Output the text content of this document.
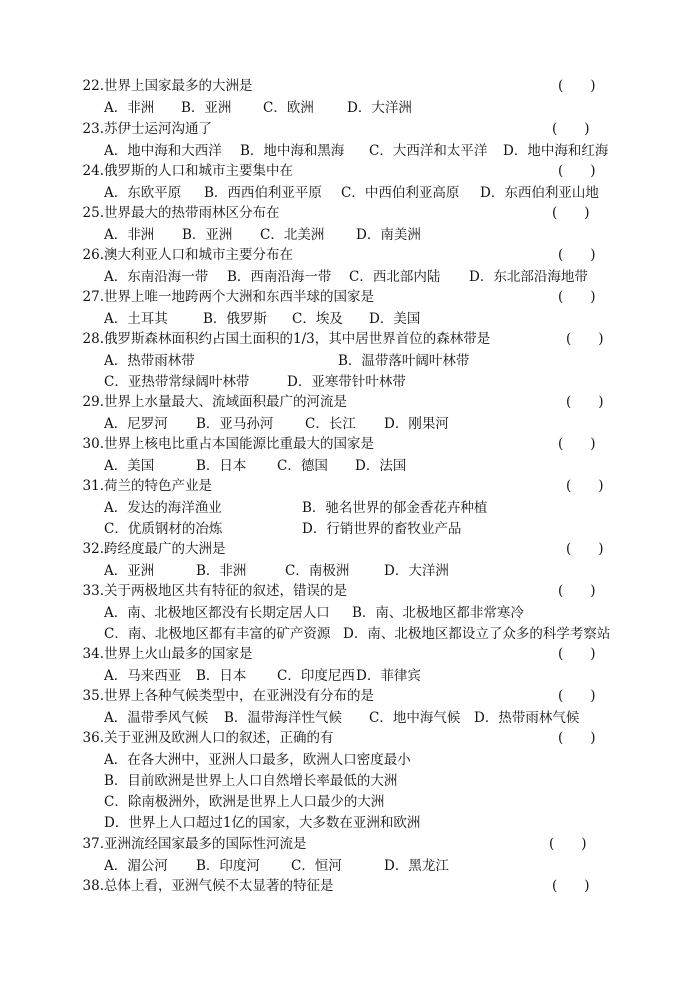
22. 世界上国家最多的大洲是	(　　)
A．非洲 B．亚洲 C．欧洲 D．大洋洲
23. 苏伊士运河沟通了	(　　)
A．地中海和大西洋 B．地中海和黑海 C．大西洋和太平洋 D．地中海和红海
24. 俄罗斯的人口和城市主要集中在	(　　)
A．东欧平原 B．西西伯利亚平原 C．中西伯利亚高原 D．东西伯利亚山地
25. 世界最大的热带雨林区分布在	(　　)
A．非洲 B．亚洲 C．北美洲 D．南美洲
26. 澳大利亚人口和城市主要分布在	(　　)
A．东南沿海一带 B．西南沿海一带 C．西北部内陆 D．东北部沿海地带
27. 世界上唯一地跨两个大洲和东西半球的国家是	(　　)
A．土耳其	B．俄罗斯 C．埃及 D．美国
28. 俄罗斯森林面积约占国土面积的1/3，其中居世界首位的森林带是	(　　)
A．热带雨林带	B．温带落叶阔叶林带
C．亚热带常绿阔叶林带	D．亚寒带针叶林带
29. 世界上水量最大、流域面积最广的河流是	(　　)
A．尼罗河 B．亚马孙河 C．长江 D．刚果河
30. 世界上核电比重占本国能源比重最大的国家是	(　　)
A．美国	B．日本 C．德国 D．法国
31. 荷兰的特色产业是	(　　)
A．发达的海洋渔业	B．驰名世界的郁金香花卉种植
C．优质钢材的冶炼	D．行销世界的畜牧业产品
32. 跨经度最广的大洲是	(　　)
A．亚洲	B．非洲	C．南极洲	D．大洋洲
33. 关于两极地区共有特征的叙述，错误的是	(　　)
A．南、北极地区都没有长期定居人口 B．南、北极地区都非常寒冷
C．南、北极地区都有丰富的矿产资源 D．南、北极地区都设立了众多的科学考察站
34. 世界上火山最多的国家是	(　　)
A．马来西亚 B．日本 C．印度尼西 D．菲律宾
35. 世界上各种气候类型中，在亚洲没有分布的是	(　　)
A．温带季风气候 B．温带海洋性气候 C．地中海气候 D．热带雨林气候
36. 关于亚洲及欧洲人口的叙述，正确的有	(　　)
A．在各大洲中，亚洲人口最多，欧洲人口密度最小
B．目前欧洲是世界上人口自然增长率最低的大洲
C．除南极洲外，欧洲是世界上人口最少的大洲
D．世界上人口超过1亿的国家，大多数在亚洲和欧洲
37. 亚洲流经国家最多的国际性河流是	(　　)
A．湄公河 B．印度河 C．恒河	D．黑龙江
38. 总体上看，亚洲气候不太显著的特征是	(　　)
